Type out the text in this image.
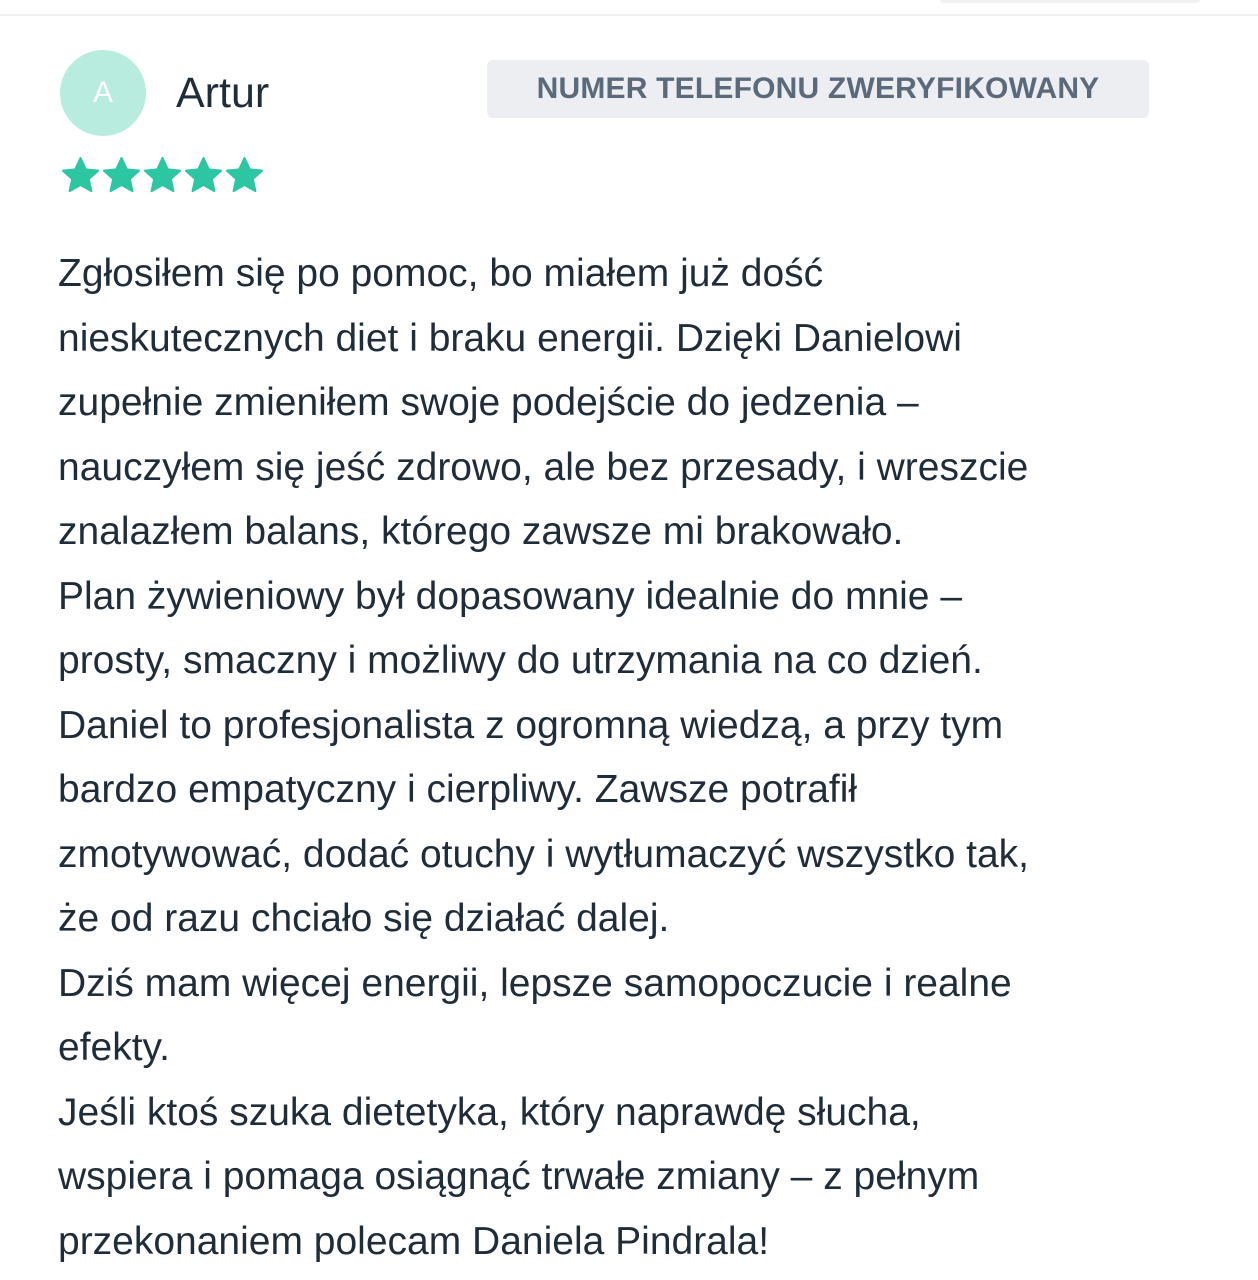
A	Artur	NUMER TELEFONU ZWERYFIKOWANY

Zgłosiłem się po pomoc, bo miałem już dość
nieskutecznych diet i braku energii. Dzięki Danielowi
zupełnie zmieniłem swoje podejście do jedzenia –
nauczyłem się jeść zdrowo, ale bez przesady, i wreszcie
znalazłem balans, którego zawsze mi brakowało.
Plan żywieniowy był dopasowany idealnie do mnie –
prosty, smaczny i możliwy do utrzymania na co dzień.
Daniel to profesjonalista z ogromną wiedzą, a przy tym
bardzo empatyczny i cierpliwy. Zawsze potrafił
zmotywować, dodać otuchy i wytłumaczyć wszystko tak,
że od razu chciało się działać dalej.
Dziś mam więcej energii, lepsze samopoczucie i realne
efekty.
Jeśli ktoś szuka dietetyka, który naprawdę słucha,
wspiera i pomaga osiągnąć trwałe zmiany – z pełnym
przekonaniem polecam Daniela Pindrala!
